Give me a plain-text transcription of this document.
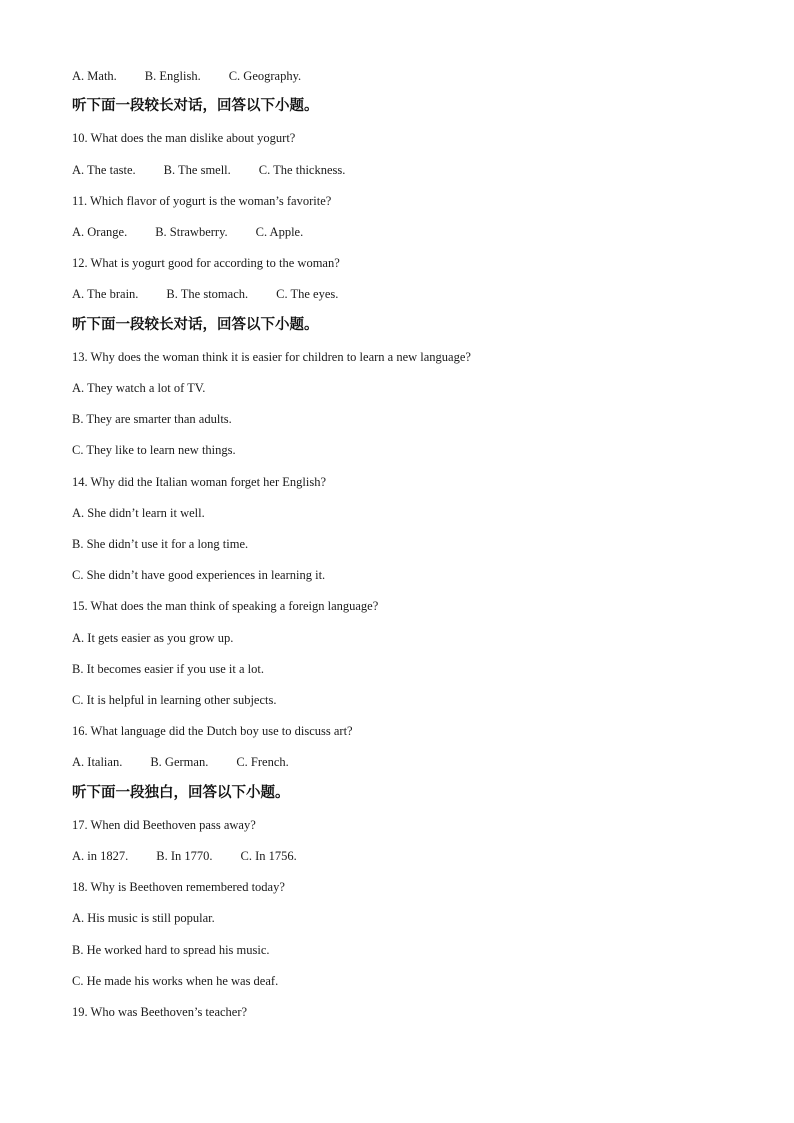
A. Math. B. English. C. Geography.
听下面一段较长对话，回答以下小题。
10. What does the man dislike about yogurt?
A. The taste. B. The smell. C. The thickness.
11. Which flavor of yogurt is the woman’s favorite?
A. Orange. B. Strawberry. C. Apple.
12. What is yogurt good for according to the woman?
A. The brain. B. The stomach. C. The eyes.
听下面一段较长对话，回答以下小题。
13. Why does the woman think it is easier for children to learn a new language?
A. They watch a lot of TV.
B. They are smarter than adults.
C. They like to learn new things.
14. Why did the Italian woman forget her English?
A. She didn’t learn it well.
B. She didn’t use it for a long time.
C. She didn’t have good experiences in learning it.
15. What does the man think of speaking a foreign language?
A. It gets easier as you grow up.
B. It becomes easier if you use it a lot.
C. It is helpful in learning other subjects.
16. What language did the Dutch boy use to discuss art?
A. Italian. B. German. C. French.
听下面一段独白，回答以下小题。
17. When did Beethoven pass away?
A. in 1827. B. In 1770. C. In 1756.
18. Why is Beethoven remembered today?
A. His music is still popular.
B. He worked hard to spread his music.
C. He made his works when he was deaf.
19. Who was Beethoven’s teacher?
